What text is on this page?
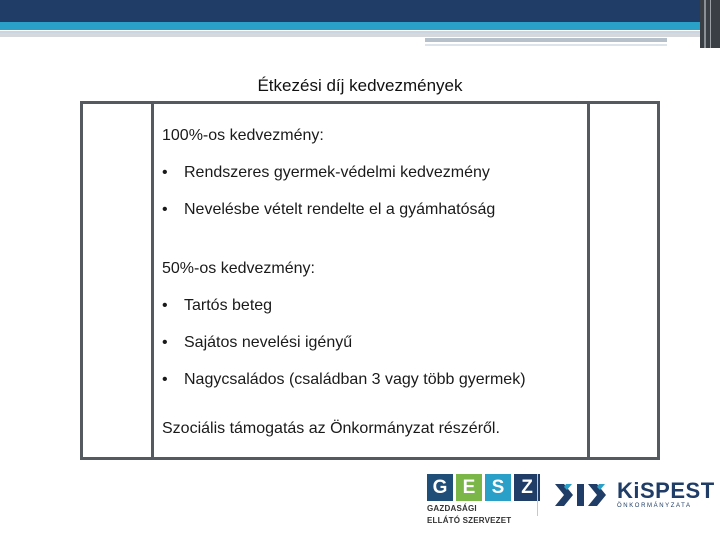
Étkezési díj kedvezmények
100%-os kedvezmény:
•	Rendszeres gyermek-védelmi kedvezmény
•	Nevelésbe vételt rendelte el a gyámhatóság
50%-os kedvezmény:
•	Tartós beteg
•	Sajátos nevelési igényű
•	Nagycsaládos (családban 3 vagy több gyermek)
Szociális támogatás az Önkormányzat részéről.
G E S Z
GAZDASÁGI
ELLÁTÓ SZERVEZET
KiSPEST
ÖNKORMÁNYZATA
